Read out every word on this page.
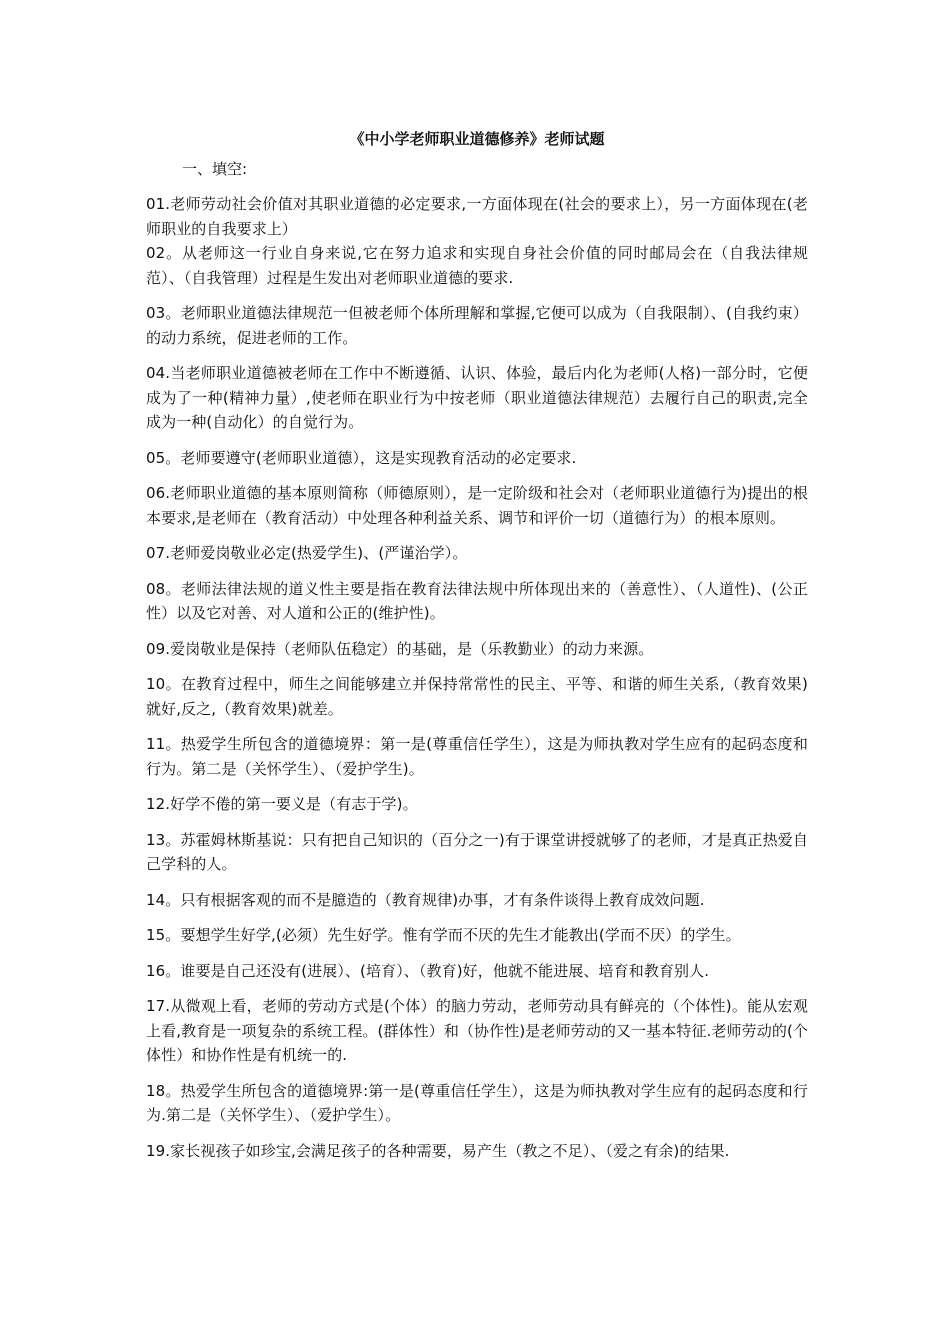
《中小学老师职业道德修养》老师试题
一、填空:
01.老师劳动社会价值对其职业道德的必定要求,一方面体现在(社会的要求上），另一方面体现在(老师职业的自我要求上）
02。从老师这一行业自身来说,它在努力追求和实现自身社会价值的同时邮局会在（自我法律规范）、（自我管理）过程是生发出对老师职业道德的要求.
03。老师职业道德法律规范一但被老师个体所理解和掌握,它便可以成为（自我限制）、(自我约束）的动力系统，促进老师的工作。
04.当老师职业道德被老师在工作中不断遵循、认识、体验，最后内化为老师(人格)一部分时，它便成为了一种(精神力量）,使老师在职业行为中按老师（职业道德法律规范）去履行自己的职责,完全成为一种(自动化）的自觉行为。
05。老师要遵守(老师职业道德），这是实现教育活动的必定要求.
06.老师职业道德的基本原则简称（师德原则），是一定阶级和社会对（老师职业道德行为)提出的根本要求,是老师在（教育活动）中处理各种利益关系、调节和评价一切（道德行为）的根本原则。
07.老师爱岗敬业必定(热爱学生)、(严谨治学）。
08。老师法律法规的道义性主要是指在教育法律法规中所体现出来的（善意性）、（人道性)、(公正性）以及它对善、对人道和公正的(维护性)。
09.爱岗敬业是保持（老师队伍稳定）的基础，是（乐教勤业）的动力来源。
10。在教育过程中，师生之间能够建立并保持常常性的民主、平等、和谐的师生关系,（教育效果)就好,反之,（教育效果)就差。
11。热爱学生所包含的道德境界：第一是(尊重信任学生），这是为师执教对学生应有的起码态度和行为。第二是（关怀学生）、（爱护学生)。
12.好学不倦的第一要义是（有志于学)。
13。苏霍姆林斯基说：只有把自己知识的（百分之一)有于课堂讲授就够了的老师，才是真正热爱自己学科的人。
14。只有根据客观的而不是臆造的（教育规律)办事，才有条件谈得上教育成效问题.
15。要想学生好学,(必须）先生好学。惟有学而不厌的先生才能教出(学而不厌）的学生。
16。谁要是自己还没有(进展）、(培育）、（教育)好，他就不能进展、培育和教育别人.
17.从微观上看，老师的劳动方式是(个体）的脑力劳动，老师劳动具有鲜亮的（个体性)。能从宏观上看,教育是一项复杂的系统工程。(群体性）和（协作性)是老师劳动的又一基本特征.老师劳动的(个体性）和协作性是有机统一的.
18。热爱学生所包含的道德境界:第一是(尊重信任学生），这是为师执教对学生应有的起码态度和行为.第二是（关怀学生）、（爱护学生）。
19.家长视孩子如珍宝,会满足孩子的各种需要，易产生（教之不足）、（爱之有余)的结果.
